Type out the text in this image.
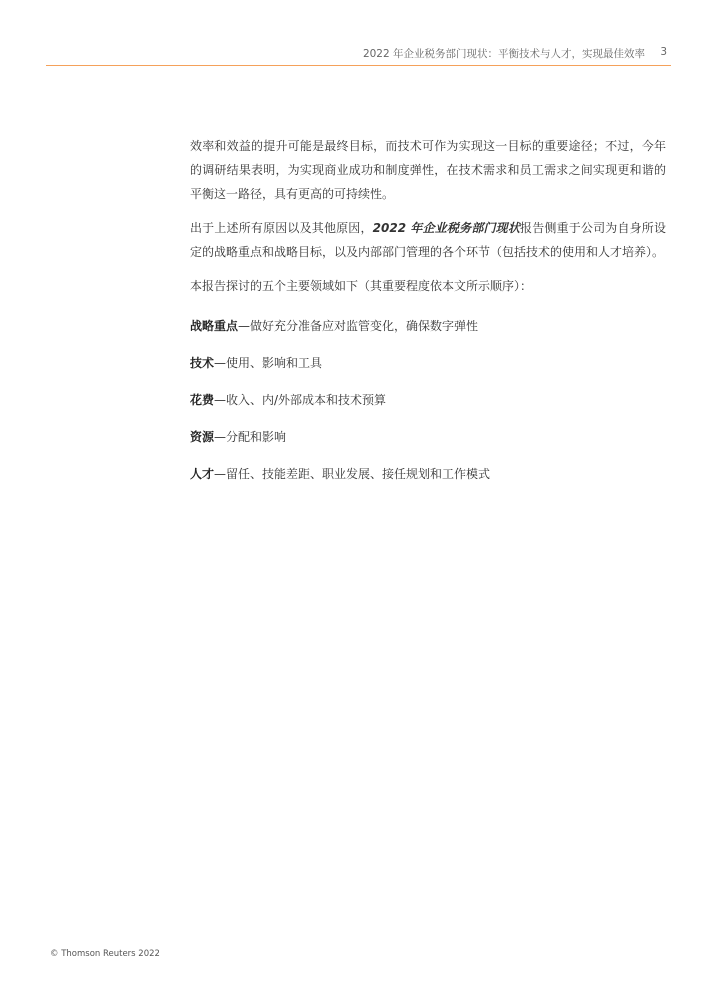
2022 年企业税务部门现状：平衡技术与人才，实现最佳效率 3

效率和效益的提升可能是最终目标，而技术可作为实现这一目标的重要途径；不过，今年的调研结果表明，为实现商业成功和制度弹性，在技术需求和员工需求之间实现更和谐的平衡这一路径，具有更高的可持续性。

出于上述所有原因以及其他原因，2022 年企业税务部门现状报告侧重于公司为自身所设定的战略重点和战略目标，以及内部部门管理的各个环节（包括技术的使用和人才培养）。

本报告探讨的五个主要领域如下（其重要程度依本文所示顺序）：

战略重点—做好充分准备应对监管变化，确保数字弹性
技术—使用、影响和工具
花费—收入、内/外部成本和技术预算
资源—分配和影响
人才—留任、技能差距、职业发展、接任规划和工作模式
© Thomson Reuters 2022
